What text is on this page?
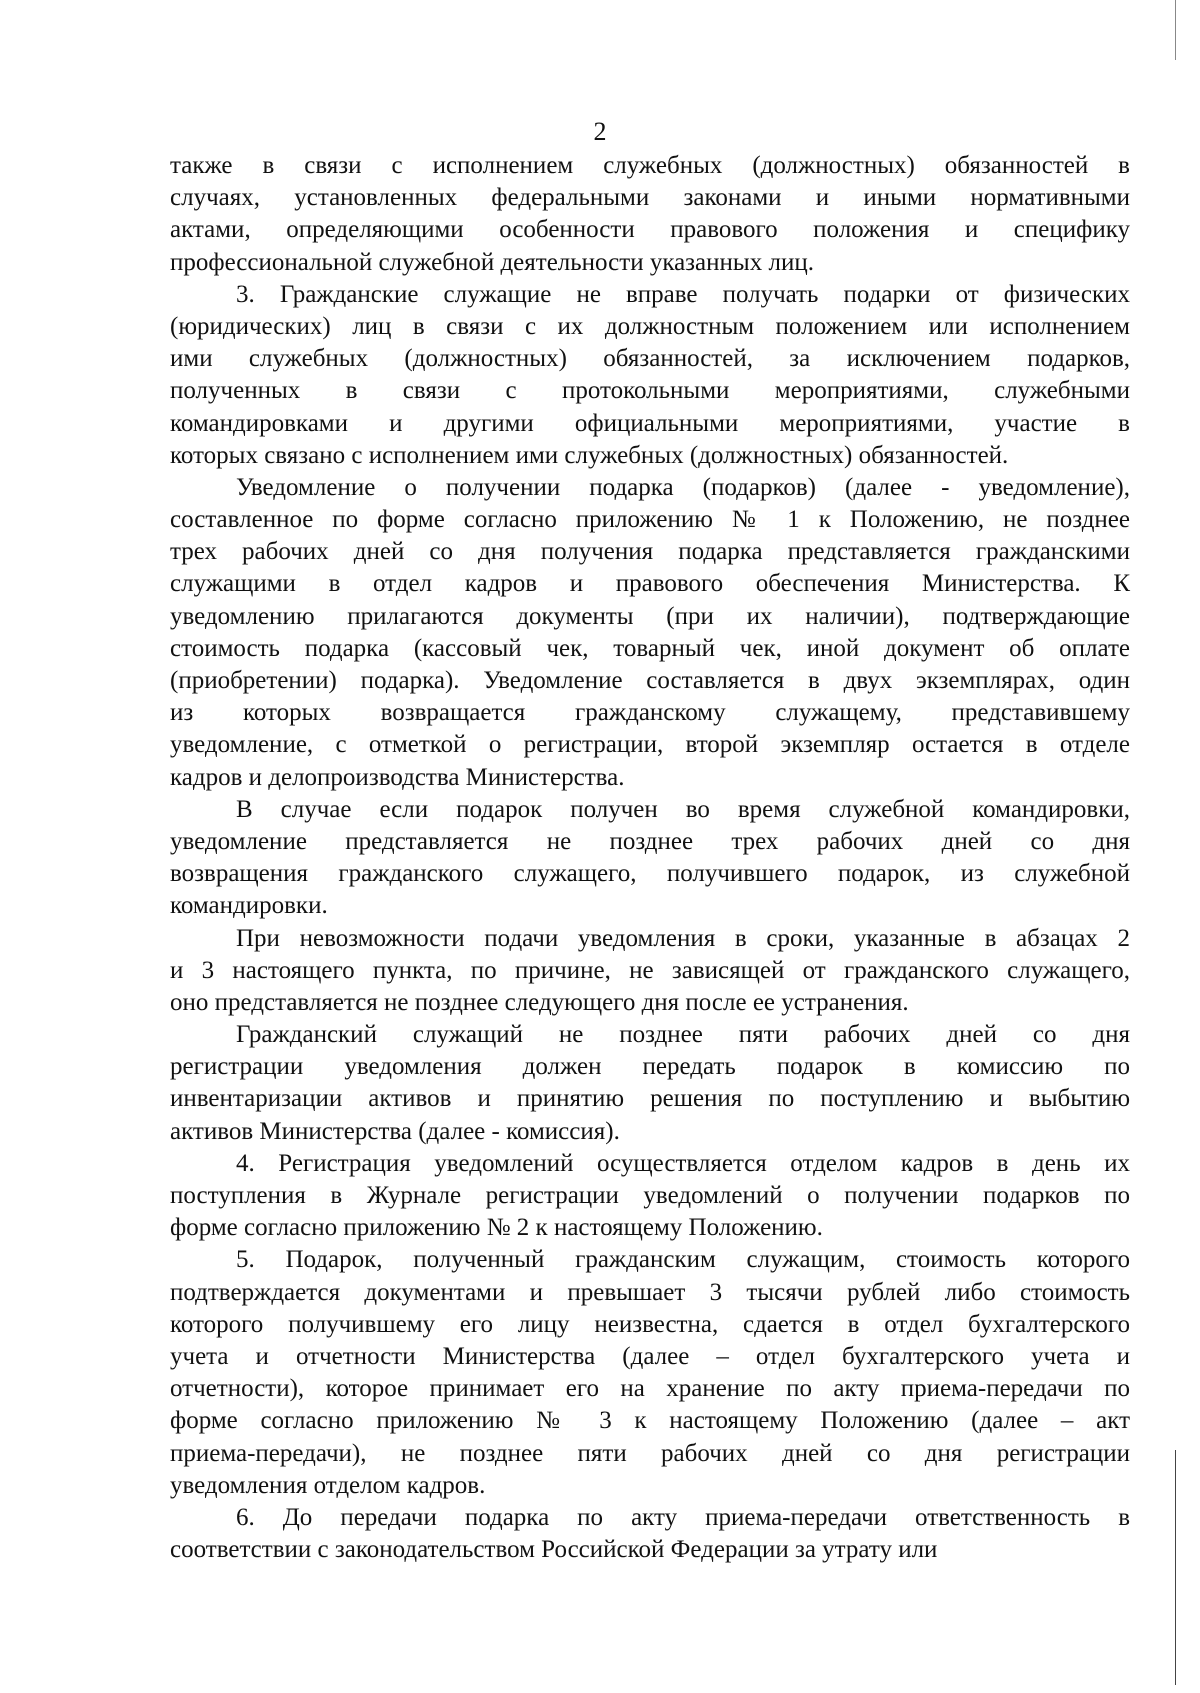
2
также в связи с исполнением служебных (должностных) обязанностей в
случаях, установленных федеральными законами и иными нормативными
актами, определяющими особенности правового положения и специфику
профессиональной служебной деятельности указанных лиц.
3. Гражданские служащие не вправе получать подарки от физических
(юридических) лиц в связи с их должностным положением или исполнением
ими служебных (должностных) обязанностей, за исключением подарков,
полученных в связи с протокольными мероприятиями, служебными
командировками и другими официальными мероприятиями, участие в
которых связано с исполнением ими служебных (должностных) обязанностей.
Уведомление о получении подарка (подарков) (далее - уведомление),
составленное по форме согласно приложению № 1 к Положению, не позднее
трех рабочих дней со дня получения подарка представляется гражданскими
служащими в отдел кадров и правового обеспечения Министерства. К
уведомлению прилагаются документы (при их наличии), подтверждающие
стоимость подарка (кассовый чек, товарный чек, иной документ об оплате
(приобретении) подарка). Уведомление составляется в двух экземплярах, один
из которых возвращается гражданскому служащему, представившему
уведомление, с отметкой о регистрации, второй экземпляр остается в отделе
кадров и делопроизводства Министерства.
В случае если подарок получен во время служебной командировки,
уведомление представляется не позднее трех рабочих дней со дня
возвращения гражданского служащего, получившего подарок, из служебной
командировки.
При невозможности подачи уведомления в сроки, указанные в абзацах 2
и 3 настоящего пункта, по причине, не зависящей от гражданского служащего,
оно представляется не позднее следующего дня после ее устранения.
Гражданский служащий не позднее пяти рабочих дней со дня
регистрации уведомления должен передать подарок в комиссию по
инвентаризации активов и принятию решения по поступлению и выбытию
активов Министерства (далее - комиссия).
4. Регистрация уведомлений осуществляется отделом кадров в день их
поступления в Журнале регистрации уведомлений о получении подарков по
форме согласно приложению № 2 к настоящему Положению.
5. Подарок, полученный гражданским служащим, стоимость которого
подтверждается документами и превышает 3 тысячи рублей либо стоимость
которого получившему его лицу неизвестна, сдается в отдел бухгалтерского
учета и отчетности Министерства (далее – отдел бухгалтерского учета и
отчетности), которое принимает его на хранение по акту приема-передачи по
форме согласно приложению № 3 к настоящему Положению (далее – акт
приема-передачи), не позднее пяти рабочих дней со дня регистрации
уведомления отделом кадров.
6. До передачи подарка по акту приема-передачи ответственность в
соответствии с законодательством Российской Федерации за утрату или
